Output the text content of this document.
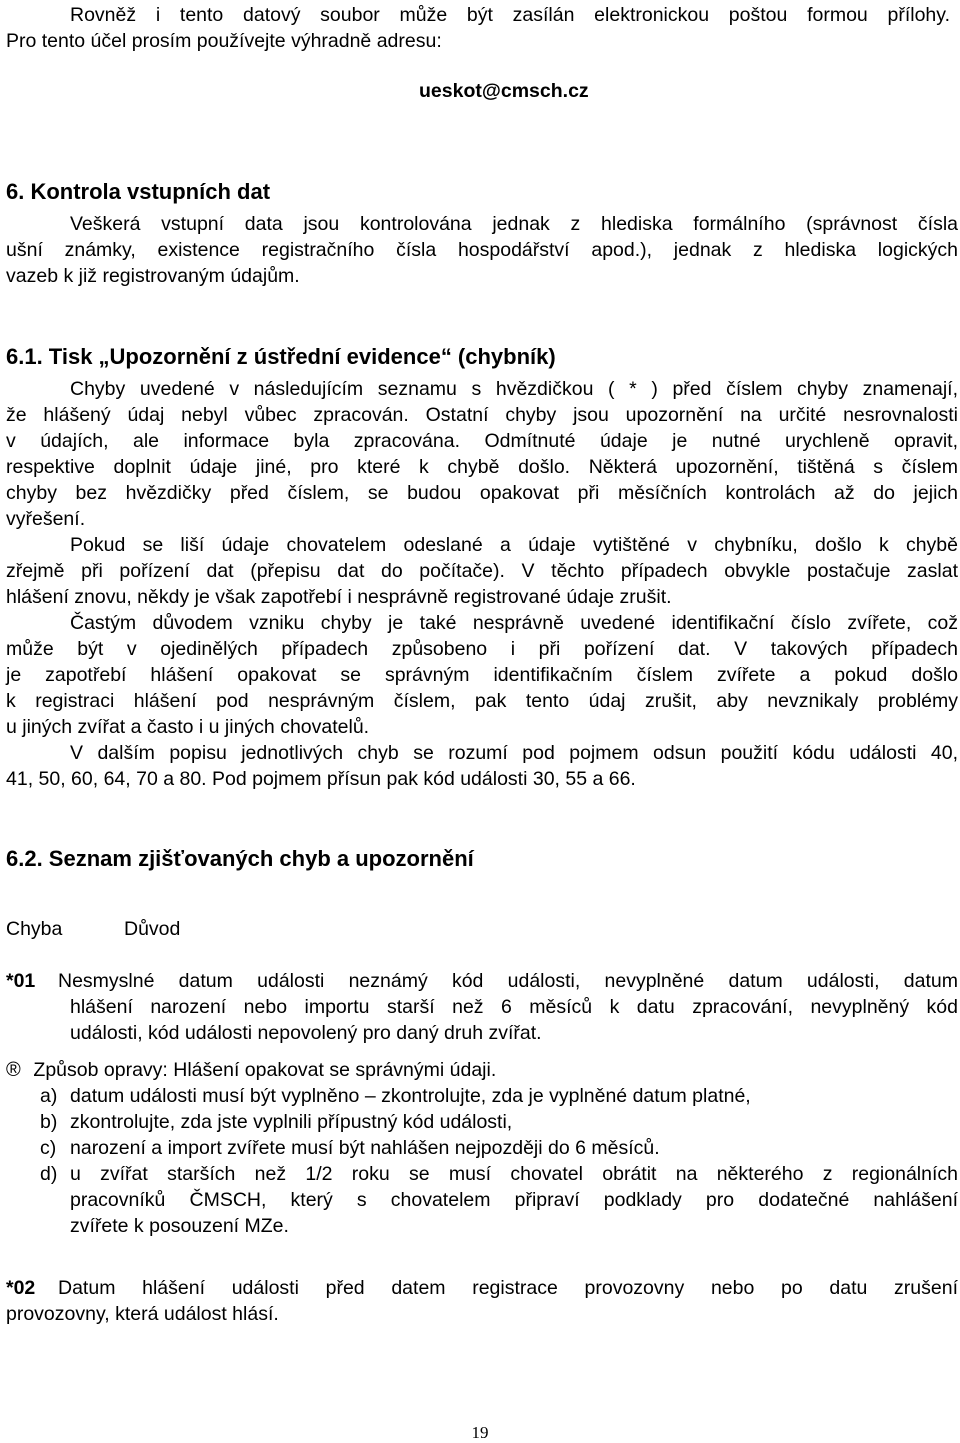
Rovněž i tento datový soubor může být zasílán elektronickou poštou formou přílohy.
Pro tento účel prosím používejte výhradně adresu:
ueskot@cmsch.cz
6. Kontrola vstupních dat
Veškerá vstupní data jsou kontrolována jednak z hlediska formálního (správnost čísla
ušní známky, existence registračního čísla hospodářství apod.), jednak z hlediska logických
vazeb k již registrovaným údajům.
6.1. Tisk „Upozornění z ústřední evidence“ (chybník)
Chyby uvedené v následujícím seznamu s hvězdičkou ( * ) před číslem chyby znamenají,
že hlášený údaj nebyl vůbec zpracován. Ostatní chyby jsou upozornění na určité nesrovnalosti
v údajích, ale informace byla zpracována. Odmítnuté údaje je nutné urychleně opravit,
respektive doplnit údaje jiné, pro které k chybě došlo. Některá upozornění, tištěná s číslem
chyby bez hvězdičky před číslem, se budou opakovat při měsíčních kontrolách až do jejich
vyřešení.
Pokud se liší údaje chovatelem odeslané a údaje vytištěné v chybníku, došlo k chybě
zřejmě při pořízení dat (přepisu dat do počítače). V těchto případech obvykle postačuje zaslat
hlášení znovu, někdy je však zapotřebí i nesprávně registrované údaje zrušit.
Častým důvodem vzniku chyby je také nesprávně uvedené identifikační číslo zvířete, což
může být v ojedinělých případech způsobeno i při pořízení dat. V takových případech
je zapotřebí hlášení opakovat se správným identifikačním číslem zvířete a pokud došlo
k registraci hlášení pod nesprávným číslem, pak tento údaj zrušit, aby nevznikaly problémy
u jiných zvířat a často i u jiných chovatelů.
V dalším popisu jednotlivých chyb se rozumí pod pojmem odsun použití kódu události 40,
41, 50, 60, 64, 70 a 80. Pod pojmem přísun pak kód události 30, 55 a 66.
6.2. Seznam zjišťovaných chyb a upozornění
Chyba	Důvod
*01 Nesmyslné datum události neznámý kód události, nevyplněné datum události, datum
hlášení narození nebo importu starší než 6 měsíců k datu zpracování, nevyplněný kód
události, kód události nepovolený pro daný druh zvířat.
® Způsob opravy: Hlášení opakovat se správnými údaji.
a) datum události musí být vyplněno – zkontrolujte, zda je vyplněné datum platné,
b) zkontrolujte, zda jste vyplnili přípustný kód události,
c) narození a import zvířete musí být nahlášen nejpozději do 6 měsíců.
d) u zvířat starších než 1/2 roku se musí chovatel obrátit na některého z regionálních
pracovníků ČMSCH, který s chovatelem připraví podklady pro dodatečné nahlášení
zvířete k posouzení MZe.
*02 Datum hlášení události před datem registrace provozovny nebo po datu zrušení
provozovny, která událost hlásí.
19
